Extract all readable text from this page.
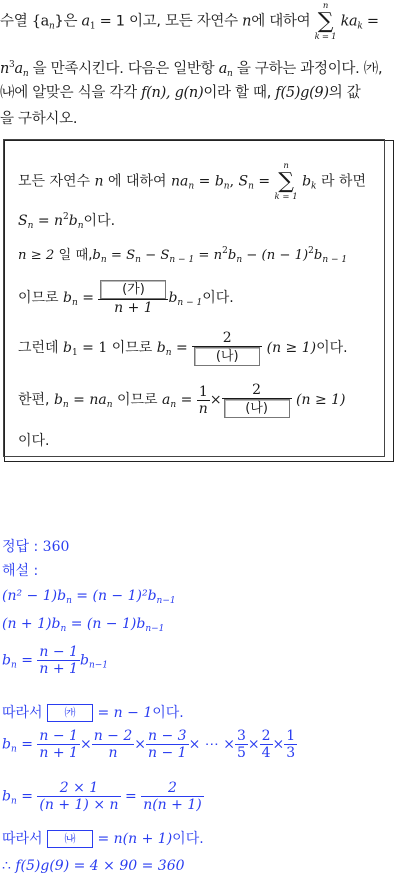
수열 $\{a_n\}$은 $a_1 = 1$ 이고, 모든 자연수 n에 대하여
n
∑
k = 1
$ka_k$ =
$n^3a_n$ 을 만족시킨다. 다음은 일반항 $a_n$ 을 구하는 과정이다. ㈎,
㈏에 알맞은 식을 각각 f(n), g(n)이라 할 때, f(5)g(9)의 값
을 구하시오.
모든 자연수 n 에 대하여 $na_n = b_n$, $S_n$ =
n
∑
k = 1
$b_k$ 라 하면
$S_n = n^2b_n$이다.
n ≥ 2 일 때$,b_n = S_n - S_{n - 1} = n^2b_n - (n - 1)^2b_{n - 1}$
이므로 $b_n = \frac{\text{(가)}}{n + 1} b_{n - 1}$이다.
그런데 $b_1 = 1$ 이므로 $b_n = \frac{2}{\text{(나)}} (n \ge 1)$이다.
한편, $b_n = na_n$ 이므로 $a_n = \frac{1}{n} \times \frac{2}{\text{(나)}} (n \ge 1)$
이다.
정답 : 360
해설 :
$(n^2 - 1)b_n = (n - 1)^2b_{n-1}$
$(n + 1)b_n = (n - 1)b_{n-1}$
$b_n = \frac{n - 1}{n + 1} b_{n-1}$
따라서 ㈎ = n − 1이다.
$b_n = \frac{n - 1}{n + 1} \times \frac{n - 2}{n} \times \frac{n - 3}{n - 1}$ × ⋯ × $\frac{3}{5} \times \frac{2}{4} \times \frac{1}{3}$
$b_n = \frac{2 \times 1}{(n + 1) \times n} = \frac{2}{n(n + 1)}$
따라서 ㈏ = n(n + 1)이다.
∴ f(5)g(9) = 4 × 90 = 360
